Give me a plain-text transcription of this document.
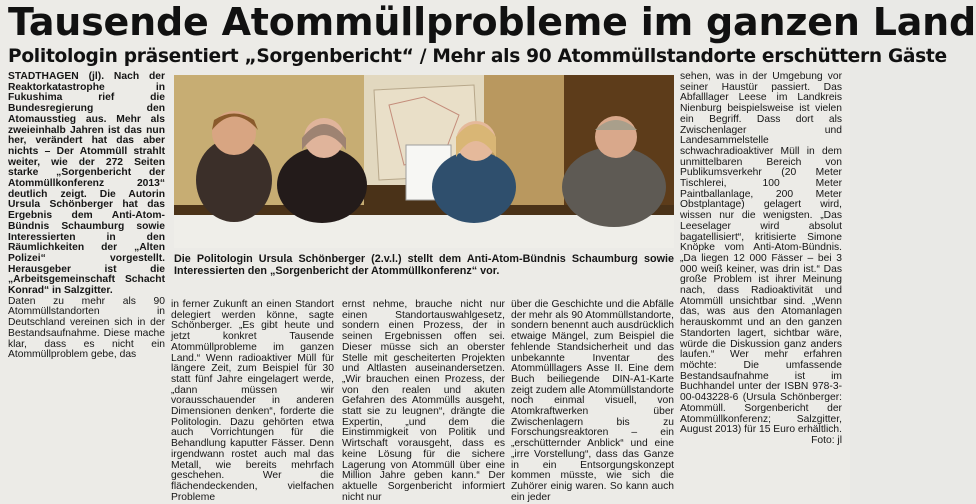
Tausende Atommüllprobleme im ganzen Land
Politologin präsentiert „Sorgenbericht“ / Mehr als 90 Atommüllstandorte erschüttern Gäste

STADTHAGEN (jl). Nach der Reaktorkatastrophe in Fukushima rief die Bundesregierung den Atomausstieg aus. Mehr als zweieinhalb Jahren ist das nun her, verändert hat das aber nichts – Der Atommüll strahlt weiter, wie der 272 Seiten starke „Sorgenbericht der Atommüllkonferenz 2013“ deutlich zeigt. Die Autorin Ursula Schönberger hat das Ergebnis dem Anti-Atom-Bündnis Schaumburg sowie Interessierten in den Räumlichkeiten der „Alten Polizei“ vorgestellt. Herausgeber ist die „Arbeitsgemeinschaft Schacht Konrad“ in Salzgitter.

Daten zu mehr als 90 Atommüllstandorten in Deutschland vereinen sich in der Bestandsaufnahme. Diese mache klar, dass es nicht ein Atommüllproblem gebe, das

Die Politologin Ursula Schönberger (2.v.l.) stellt dem Anti-Atom-Bündnis Schaumburg sowie Interessierten den „Sorgenbericht der Atommüllkonferenz“ vor.

in ferner Zukunft an einen Standort delegiert werden könne, sagte Schönberger. „Es gibt heute und jetzt konkret Tausende Atommüllprobleme im ganzen Land.“ Wenn radioaktiver Müll für längere Zeit, zum Beispiel für 30 statt fünf Jahre eingelagert werde, „dann müssen wir vorausschauender in anderen Dimensionen denken“, forderte die Politologin. Dazu gehörten etwa auch Vorrichtungen für die Behandlung kaputter Fässer. Denn irgendwann rostet auch mal das Metall, wie bereits mehrfach geschehen. Wer die flächendeckenden, vielfachen Probleme

ernst nehme, brauche nicht nur einen Standortauswahlgesetz, sondern einen Prozess, der in seinen Ergebnissen offen sei. Dieser müsse sich an oberster Stelle mit gescheiterten Projekten und Altlasten auseinandersetzen. „Wir brauchen einen Prozess, der von den realen und akuten Gefahren des Atommülls ausgeht, statt sie zu leugnen“, drängte die Expertin, „und dem die Einstimmigkeit von Politik und Wirtschaft vorausgeht, dass es keine Lösung für die sichere Lagerung von Atommüll über eine Million Jahre geben kann.“ Der aktuelle Sorgenbericht informiert nicht nur

über die Geschichte und die Abfälle der mehr als 90 Atommüllstandorte, sondern benennt auch ausdrücklich etwaige Mängel, zum Beispiel die fehlende Standsicherheit und das unbekannte Inventar des Atommülllagers Asse II. Eine dem Buch beiliegende DIN-A1-Karte zeigt zudem alle Atommüllstandorte noch einmal visuell, von Atomkraftwerken über Zwischenlagern bis zu Forschungsreaktoren – ein „erschütternder Anblick“ und eine „irre Vorstellung“, dass das Ganze in ein Entsorgungskonzept kommen müsste, wie sich die Zuhörer einig waren. So kann auch ein jeder

sehen, was in der Umgebung vor seiner Haustür passiert. Das Abfalllager Leese im Landkreis Nienburg beispielsweise ist vielen ein Begriff. Dass dort als Zwischenlager und Landesammelstelle schwachradioaktiver Müll in dem unmittelbaren Bereich von Publikumsverkehr (20 Meter Tischlerei, 100 Meter Paintballanlage, 200 Meter Obstplantage) gelagert wird, wissen nur die wenigsten. „Das Leeselager wird absolut bagatellisiert“, kritisierte Simone Knöpke vom Anti-Atom-Bündnis. „Da liegen 12 000 Fässer – bei 3 000 weiß keiner, was drin ist.“ Das große Problem ist ihrer Meinung nach, dass Radioaktivität und Atommüll unsichtbar sind. „Wenn das, was aus den Atomanlagen herauskommt und an den ganzen Standorten lagert, sichtbar wäre, würde die Diskussion ganz anders laufen.“ Wer mehr erfahren möchte: Die umfassende Bestandsaufnahme ist im Buchhandel unter der ISBN 978-3-00-043228-6 (Ursula Schönberger: Atommüll. Sorgenbericht der Atommüllkonferenz; Salzgitter, August 2013) für 15 Euro erhältlich.

Foto: jl
